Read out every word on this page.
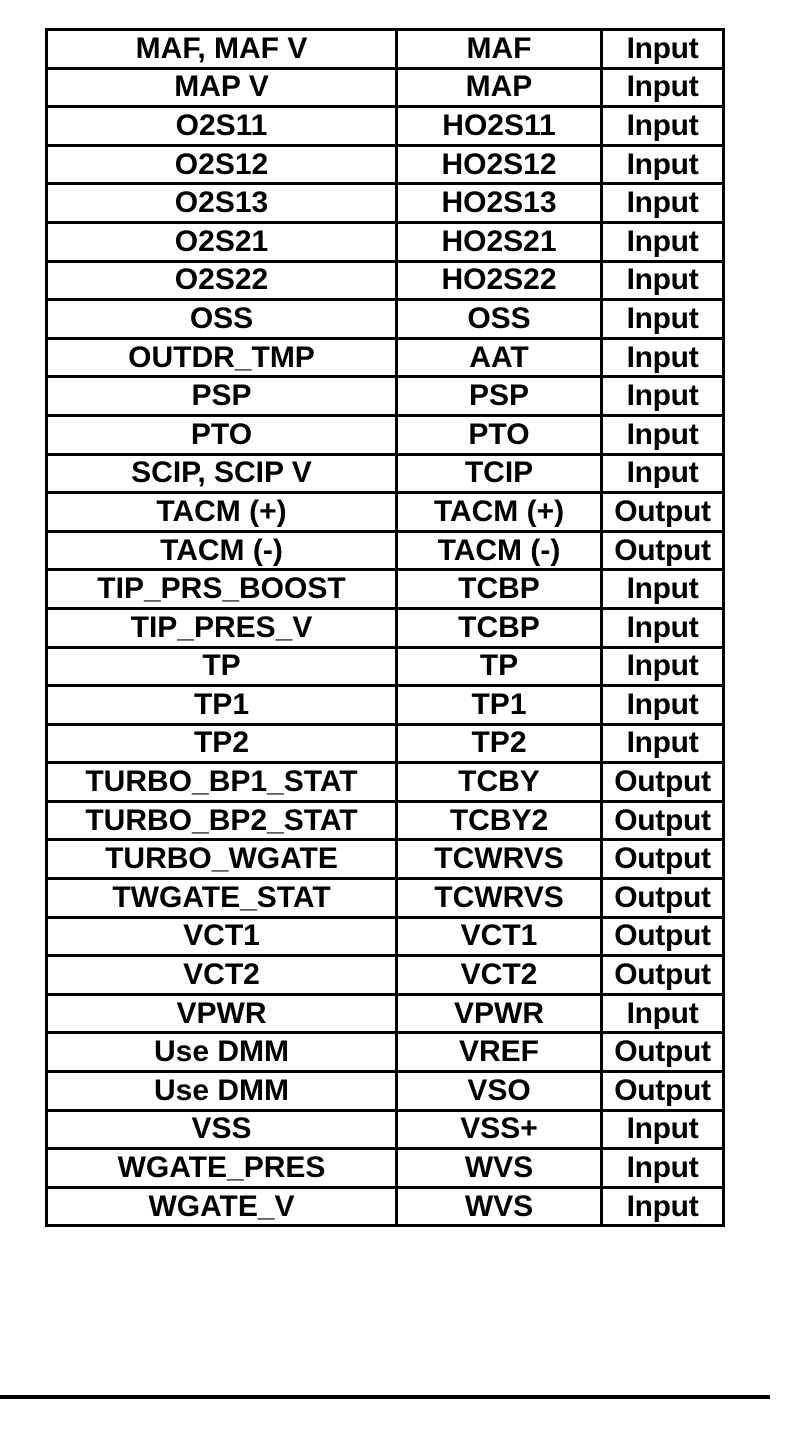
MAF, MAF V	MAF	Input
MAP V	MAP	Input
O2S11	HO2S11	Input
O2S12	HO2S12	Input
O2S13	HO2S13	Input
O2S21	HO2S21	Input
O2S22	HO2S22	Input
OSS	OSS	Input
OUTDR_TMP	AAT	Input
PSP	PSP	Input
PTO	PTO	Input
SCIP, SCIP V	TCIP	Input
TACM (+)	TACM (+)	Output
TACM (-)	TACM (-)	Output
TIP_PRS_BOOST	TCBP	Input
TIP_PRES_V	TCBP	Input
TP	TP	Input
TP1	TP1	Input
TP2	TP2	Input
TURBO_BP1_STAT	TCBY	Output
TURBO_BP2_STAT	TCBY2	Output
TURBO_WGATE	TCWRVS	Output
TWGATE_STAT	TCWRVS	Output
VCT1	VCT1	Output
VCT2	VCT2	Output
VPWR	VPWR	Input
Use DMM	VREF	Output
Use DMM	VSO	Output
VSS	VSS+	Input
WGATE_PRES	WVS	Input
WGATE_V	WVS	Input
